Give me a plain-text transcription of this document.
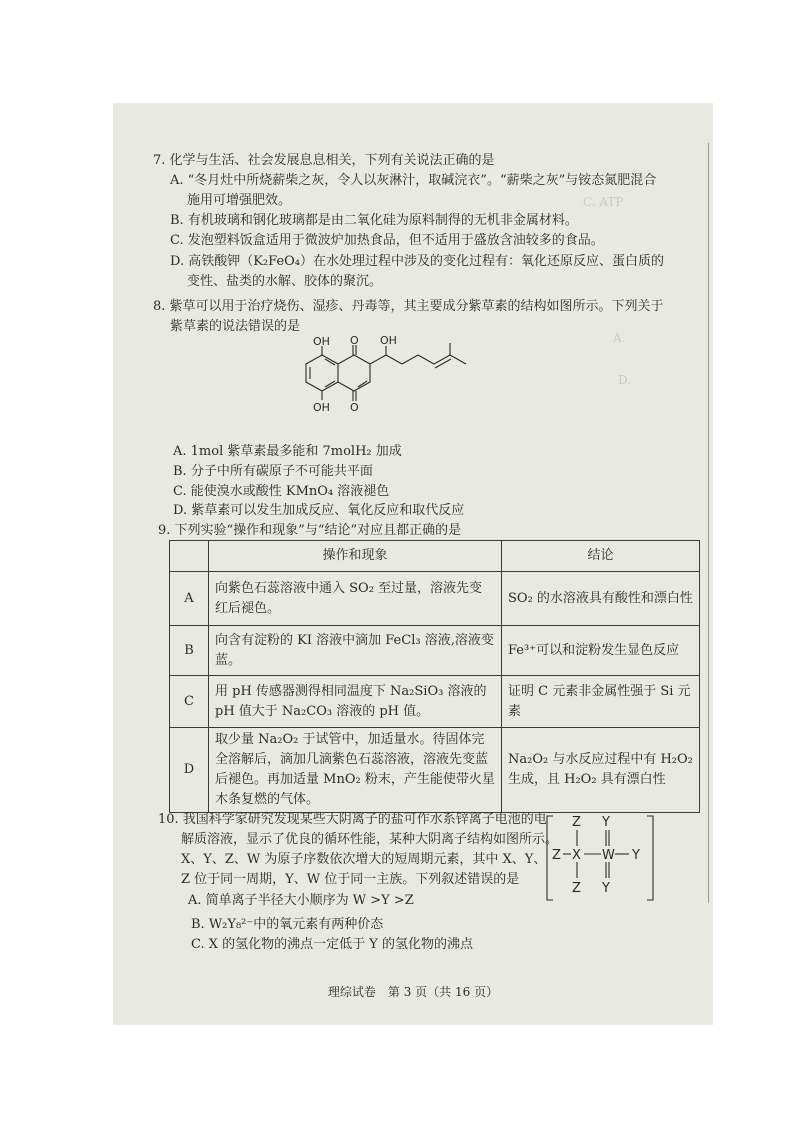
C. ATP
A.
D.
7. 化学与生活、社会发展息息相关，下列有关说法正确的是
A. “冬月灶中所烧薪柴之灰，令人以灰淋汁，取碱浣衣”。“薪柴之灰”与铵态氮肥混合
施用可增强肥效。
B. 有机玻璃和钢化玻璃都是由二氧化硅为原料制得的无机非金属材料。
C. 发泡塑料饭盒适用于微波炉加热食品，但不适用于盛放含油较多的食品。
D. 高铁酸钾（K₂FeO₄）在水处理过程中涉及的变化过程有：氧化还原反应、蛋白质的
变性、盐类的水解、胶体的聚沉。
8. 紫草可以用于治疗烧伤、湿疹、丹毒等，其主要成分紫草素的结构如图所示。下列关于
紫草素的说法错误的是
OH O OH
O
OH
A. 1mol 紫草素最多能和 7molH₂ 加成
B. 分子中所有碳原子不可能共平面
C. 能使溴水或酸性 KMnO₄ 溶液褪色
D. 紫草素可以发生加成反应、氧化反应和取代反应
9. 下列实验“操作和现象”与“结论”对应且都正确的是
	操作和现象	结论
A	向紫色石蕊溶液中通入 SO₂ 至过量，溶液先变红后褪色。	SO₂ 的水溶液具有酸性和漂白性
B	向含有淀粉的 KI 溶液中滴加 FeCl₃ 溶液,溶液变蓝。	Fe³⁺可以和淀粉发生显色反应
C	用 pH 传感器测得相同温度下 Na₂SiO₃ 溶液的 pH 值大于 Na₂CO₃ 溶液的 pH 值。	证明 C 元素非金属性强于 Si 元素
D	取少量 Na₂O₂ 于试管中，加适量水。待固体完全溶解后，滴加几滴紫色石蕊溶液，溶液先变蓝后褪色。再加适量 MnO₂ 粉末，产生能使带火星木条复燃的气体。	Na₂O₂ 与水反应过程中有 H₂O₂ 生成，且 H₂O₂ 具有漂白性
10. 我国科学家研究发现某些大阴离子的盐可作水系锌离子电池的电
解质溶液，显示了优良的循环性能，某种大阴离子结构如图所示。
X、Y、Z、W 为原子序数依次增大的短周期元素，其中 X、Y、
Z 位于同一周期，Y、W 位于同一主族。下列叙述错误的是
A. 简单离子半径大小顺序为 W >Y >Z
B. W₂Y₈²⁻中的氧元素有两种价态
C. X 的氢化物的沸点一定低于 Y 的氢化物的沸点
Z Y
Z X W Y
Z Y
理综试卷　第 3 页（共 16 页）
